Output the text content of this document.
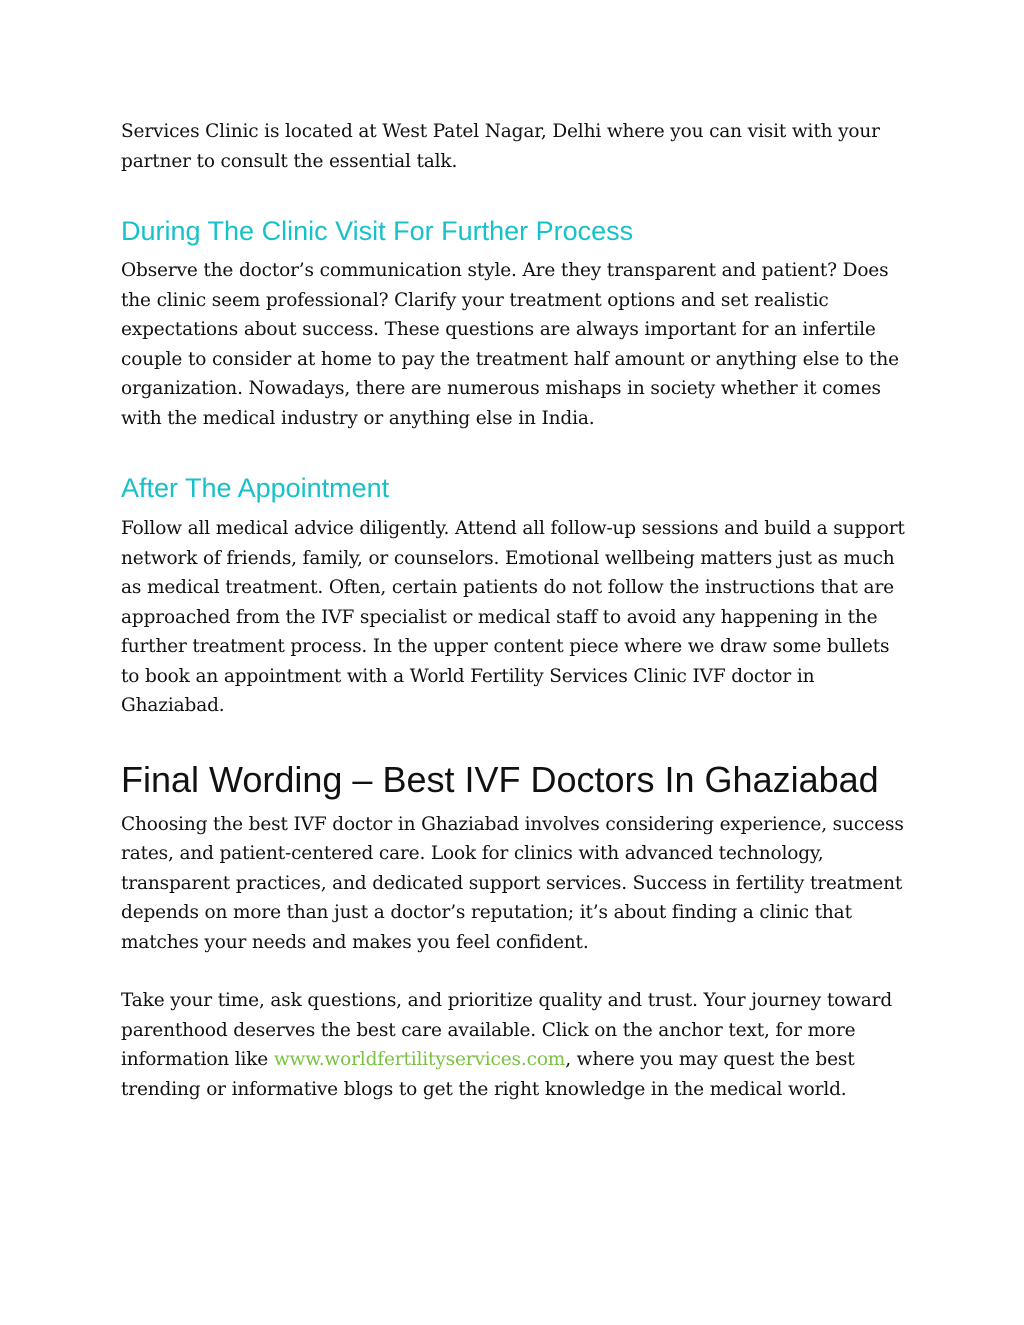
Services Clinic is located at West Patel Nagar, Delhi where you can visit with your partner to consult the essential talk.

During The Clinic Visit For Further Process

Observe the doctor’s communication style. Are they transparent and patient? Does the clinic seem professional? Clarify your treatment options and set realistic expectations about success. These questions are always important for an infertile couple to consider at home to pay the treatment half amount or anything else to the organization. Nowadays, there are numerous mishaps in society whether it comes with the medical industry or anything else in India.

After The Appointment

Follow all medical advice diligently. Attend all follow-up sessions and build a support network of friends, family, or counselors. Emotional wellbeing matters just as much as medical treatment. Often, certain patients do not follow the instructions that are approached from the IVF specialist or medical staff to avoid any happening in the further treatment process. In the upper content piece where we draw some bullets to book an appointment with a World Fertility Services Clinic IVF doctor in Ghaziabad.

Final Wording – Best IVF Doctors In Ghaziabad

Choosing the best IVF doctor in Ghaziabad involves considering experience, success rates, and patient-centered care. Look for clinics with advanced technology, transparent practices, and dedicated support services. Success in fertility treatment depends on more than just a doctor’s reputation; it’s about finding a clinic that matches your needs and makes you feel confident.

Take your time, ask questions, and prioritize quality and trust. Your journey toward parenthood deserves the best care available. Click on the anchor text, for more information like www.worldfertilityservices.com, where you may quest the best trending or informative blogs to get the right knowledge in the medical world.
